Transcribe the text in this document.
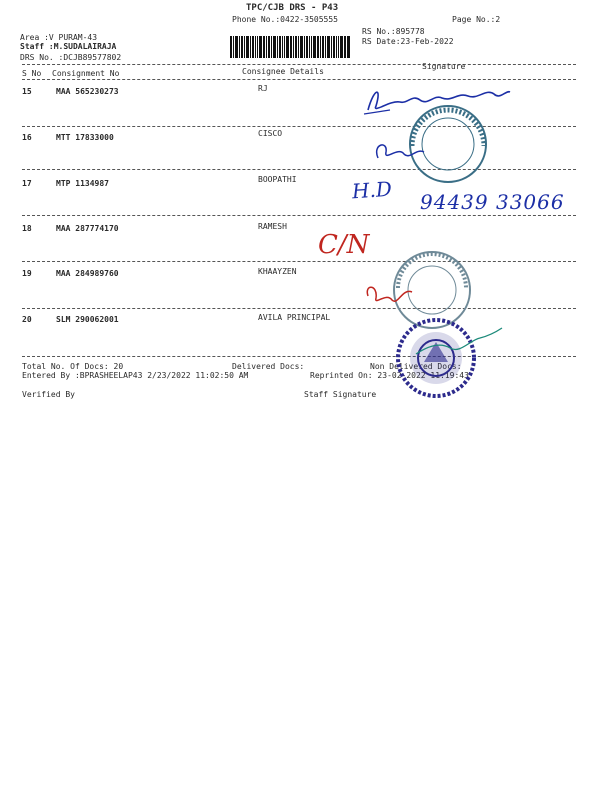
TPC/CJB DRS - P43
Phone No.:0422-3505555	Page No.:2
Area :V PURAM-43
Staff :M.SUDALAIRAJA
DRS No. :DCJB89577802
RS No.:895778
RS Date:23-Feb-2022
S No Consignment No	Consignee Details
Signature
15	MAA 565230273	RJ
16	MTT 17833000	CISCO
17	MTP 1134987	BOOPATHI
18	MAA 287774170	RAMESH
19	MAA 284989760	KHAAYZEN
20	SLM 290062001	AVILA PRINCIPAL
Total No. Of Docs: 20	Delivered Docs:	Non Delivered Docs:
Entered By :BPRASHEELAP43 2/23/2022 11:02:50 AM	Reprinted On: 23-02-2022 11:19:43
Verified By	Staff Signature
H.D 94439 33066
C/N
